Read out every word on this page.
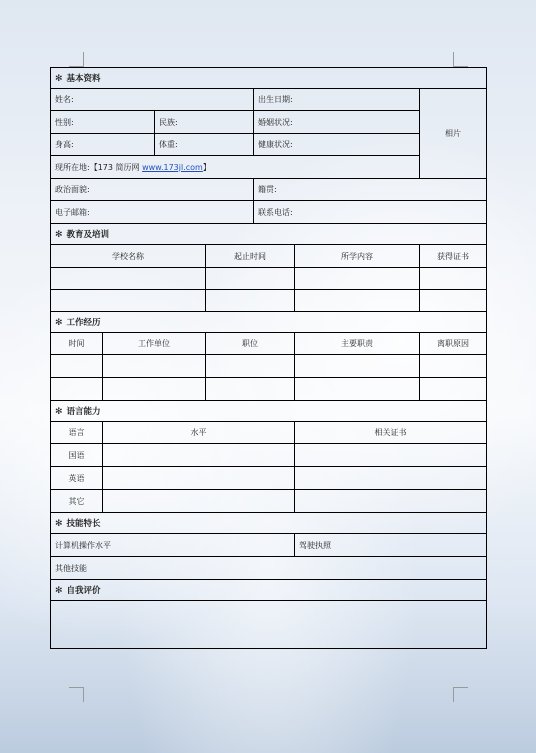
✻ 基本资料						
姓名:				出生日期:		相片
性别:		民族:		婚姻状况:		
身高:		体重:		健康状况:		
现所在地:【173 简历网 www.173jl.com】						
政治面貌:				籍贯:		
电子邮箱:				联系电话:		
✻ 教育及培训						
学校名称			起止时间		所学内容	获得证书

✻ 工作经历						
时间	工作单位		职位		主要职责	离职原因

✻ 语言能力						
语言	水平				相关证书	
国语						
英语						
其它						
✻ 技能特长						
计算机操作水平					驾驶执照	
其他技能						
✻ 自我评价						
